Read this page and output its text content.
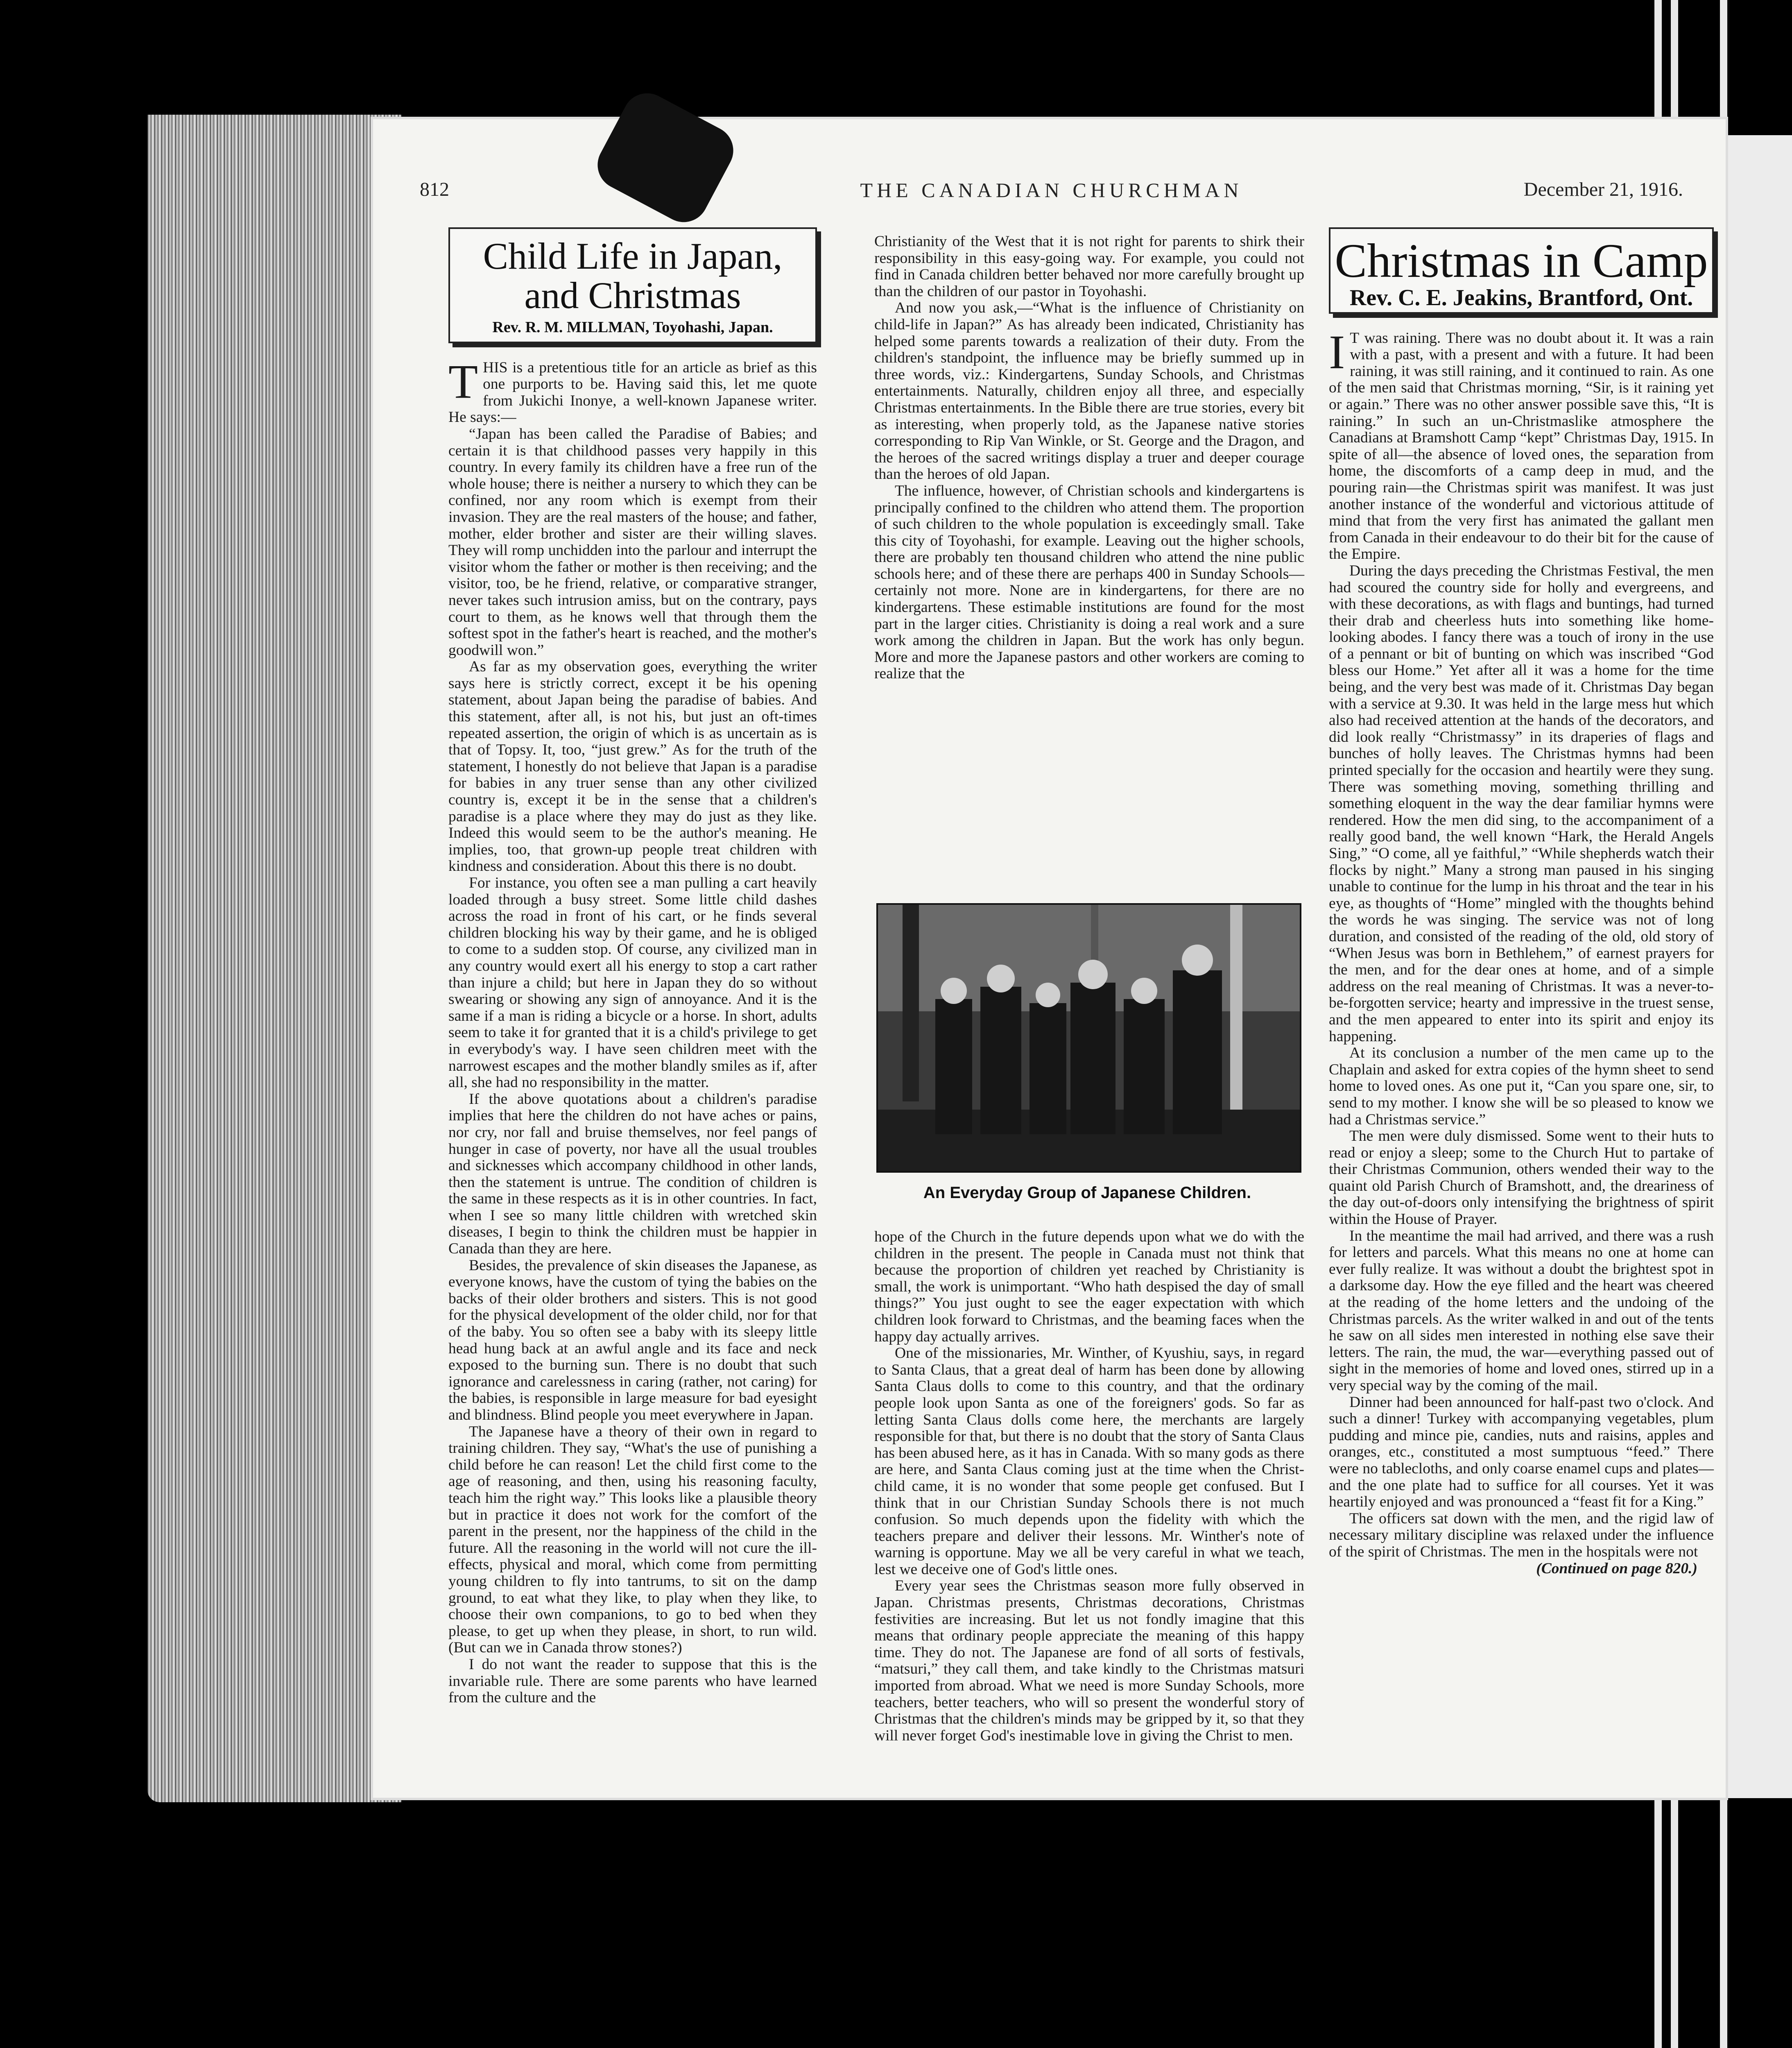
812	THE CANADIAN CHURCHMAN	December 21, 1916.
Child Life in Japan,
and Christmas
Rev. R. M. MILLMAN, Toyohashi, Japan.

THIS is a pretentious title for an article as brief as this one purports to be. Having said this, let me quote from Jukichi Inonye, a well-known Japanese writer. He says:—

“Japan has been called the Paradise of Babies; and certain it is that childhood passes very happily in this country. In every family its children have a free run of the whole house; there is neither a nursery to which they can be confined, nor any room which is exempt from their invasion. They are the real masters of the house; and father, mother, elder brother and sister are their willing slaves. They will romp unchidden into the parlour and interrupt the visitor whom the father or mother is then receiving; and the visitor, too, be he friend, relative, or comparative stranger, never takes such intrusion amiss, but on the contrary, pays court to them, as he knows well that through them the softest spot in the father's heart is reached, and the mother's goodwill won.”

As far as my observation goes, everything the writer says here is strictly correct, except it be his opening statement, about Japan being the paradise of babies. And this statement, after all, is not his, but just an oft-times repeated assertion, the origin of which is as uncertain as is that of Topsy. It, too, “just grew.” As for the truth of the statement, I honestly do not believe that Japan is a paradise for babies in any truer sense than any other civilized country is, except it be in the sense that a children's paradise is a place where they may do just as they like. Indeed this would seem to be the author's meaning. He implies, too, that grown-up people treat children with kindness and consideration. About this there is no doubt.

For instance, you often see a man pulling a cart heavily loaded through a busy street. Some little child dashes across the road in front of his cart, or he finds several children blocking his way by their game, and he is obliged to come to a sudden stop. Of course, any civilized man in any country would exert all his energy to stop a cart rather than injure a child; but here in Japan they do so without swearing or showing any sign of annoyance. And it is the same if a man is riding a bicycle or a horse. In short, adults seem to take it for granted that it is a child's privilege to get in everybody's way. I have seen children meet with the narrowest escapes and the mother blandly smiles as if, after all, she had no responsibility in the matter.

If the above quotations about a children's paradise implies that here the children do not have aches or pains, nor cry, nor fall and bruise themselves, nor feel pangs of hunger in case of poverty, nor have all the usual troubles and sicknesses which accompany childhood in other lands, then the statement is untrue. The condition of children is the same in these respects as it is in other countries. In fact, when I see so many little children with wretched skin diseases, I begin to think the children must be happier in Canada than they are here.

Besides, the prevalence of skin diseases the Japanese, as everyone knows, have the custom of tying the babies on the backs of their older brothers and sisters. This is not good for the physical development of the older child, nor for that of the baby. You so often see a baby with its sleepy little head hung back at an awful angle and its face and neck exposed to the burning sun. There is no doubt that such ignorance and carelessness in caring (rather, not caring) for the babies, is responsible in large measure for bad eyesight and blindness. Blind people you meet everywhere in Japan.

The Japanese have a theory of their own in regard to training children. They say, “What's the use of punishing a child before he can reason! Let the child first come to the age of reasoning, and then, using his reasoning faculty, teach him the right way.” This looks like a plausible theory but in practice it does not work for the comfort of the parent in the present, nor the happiness of the child in the future. All the reasoning in the world will not cure the ill-effects, physical and moral, which come from permitting young children to fly into tantrums, to sit on the damp ground, to eat what they like, to play when they like, to choose their own companions, to go to bed when they please, to get up when they please, in short, to run wild. (But can we in Canada throw stones?)

I do not want the reader to suppose that this is the invariable rule. There are some parents who have learned from the culture and the

Christianity of the West that it is not right for parents to shirk their responsibility in this easy-going way. For example, you could not find in Canada children better behaved nor more carefully brought up than the children of our pastor in Toyohashi.

And now you ask,—“What is the influence of Christianity on child-life in Japan?” As has already been indicated, Christianity has helped some parents towards a realization of their duty. From the children's standpoint, the influence may be briefly summed up in three words, viz.: Kindergartens, Sunday Schools, and Christmas entertainments. Naturally, children enjoy all three, and especially Christmas entertainments. In the Bible there are true stories, every bit as interesting, when properly told, as the Japanese native stories corresponding to Rip Van Winkle, or St. George and the Dragon, and the heroes of the sacred writings display a truer and deeper courage than the heroes of old Japan.

The influence, however, of Christian schools and kindergartens is principally confined to the children who attend them. The proportion of such children to the whole population is exceedingly small. Take this city of Toyohashi, for example. Leaving out the higher schools, there are probably ten thousand children who attend the nine public schools here; and of these there are perhaps 400 in Sunday Schools—certainly not more. None are in kindergartens, for there are no kindergartens. These estimable institutions are found for the most part in the larger cities. Christianity is doing a real work and a sure work among the children in Japan. But the work has only begun. More and more the Japanese pastors and other workers are coming to realize that the

An Everyday Group of Japanese Children.

hope of the Church in the future depends upon what we do with the children in the present. The people in Canada must not think that because the proportion of children yet reached by Christianity is small, the work is unimportant. “Who hath despised the day of small things?” You just ought to see the eager expectation with which children look forward to Christmas, and the beaming faces when the happy day actually arrives.

One of the missionaries, Mr. Winther, of Kyushiu, says, in regard to Santa Claus, that a great deal of harm has been done by allowing Santa Claus dolls to come to this country, and that the ordinary people look upon Santa as one of the foreigners' gods. So far as letting Santa Claus dolls come here, the merchants are largely responsible for that, but there is no doubt that the story of Santa Claus has been abused here, as it has in Canada. With so many gods as there are here, and Santa Claus coming just at the time when the Christ-child came, it is no wonder that some people get confused. But I think that in our Christian Sunday Schools there is not much confusion. So much depends upon the fidelity with which the teachers prepare and deliver their lessons. Mr. Winther's note of warning is opportune. May we all be very careful in what we teach, lest we deceive one of God's little ones.

Every year sees the Christmas season more fully observed in Japan. Christmas presents, Christmas decorations, Christmas festivities are increasing. But let us not fondly imagine that this means that ordinary people appreciate the meaning of this happy time. They do not. The Japanese are fond of all sorts of festivals, “matsuri,” they call them, and take kindly to the Christmas matsuri imported from abroad. What we need is more Sunday Schools, more teachers, better teachers, who will so present the wonderful story of Christmas that the children's minds may be gripped by it, so that they will never forget God's inestimable love in giving the Christ to men.

Christmas in Camp
Rev. C. E. Jeakins, Brantford, Ont.

I T was raining. There was no doubt about it. It was a rain with a past, with a present and with a future. It had been raining, it was still raining, and it continued to rain. As one of the men said that Christmas morning, “Sir, is it raining yet or again.” There was no other answer possible save this, “It is raining.” In such an un-Christmaslike atmosphere the Canadians at Bramshott Camp “kept” Christmas Day, 1915. In spite of all—the absence of loved ones, the separation from home, the discomforts of a camp deep in mud, and the pouring rain—the Christmas spirit was manifest. It was just another instance of the wonderful and victorious attitude of mind that from the very first has animated the gallant men from Canada in their endeavour to do their bit for the cause of the Empire.

During the days preceding the Christmas Festival, the men had scoured the country side for holly and evergreens, and with these decorations, as with flags and buntings, had turned their drab and cheerless huts into something like home-looking abodes. I fancy there was a touch of irony in the use of a pennant or bit of bunting on which was inscribed “God bless our Home.” Yet after all it was a home for the time being, and the very best was made of it. Christmas Day began with a service at 9.30. It was held in the large mess hut which also had received attention at the hands of the decorators, and did look really “Christmassy” in its draperies of flags and bunches of holly leaves. The Christmas hymns had been printed specially for the occasion and heartily were they sung. There was something moving, something thrilling and something eloquent in the way the dear familiar hymns were rendered. How the men did sing, to the accompaniment of a really good band, the well known “Hark, the Herald Angels Sing,” “O come, all ye faithful,” “While shepherds watch their flocks by night.” Many a strong man paused in his singing unable to continue for the lump in his throat and the tear in his eye, as thoughts of “Home” mingled with the thoughts behind the words he was singing. The service was not of long duration, and consisted of the reading of the old, old story of “When Jesus was born in Bethlehem,” of earnest prayers for the men, and for the dear ones at home, and of a simple address on the real meaning of Christmas. It was a never-to-be-forgotten service; hearty and impressive in the truest sense, and the men appeared to enter into its spirit and enjoy its happening.

At its conclusion a number of the men came up to the Chaplain and asked for extra copies of the hymn sheet to send home to loved ones. As one put it, “Can you spare one, sir, to send to my mother. I know she will be so pleased to know we had a Christmas service.”

The men were duly dismissed. Some went to their huts to read or enjoy a sleep; some to the Church Hut to partake of their Christmas Communion, others wended their way to the quaint old Parish Church of Bramshott, and, the dreariness of the day out-of-doors only intensifying the brightness of spirit within the House of Prayer.

In the meantime the mail had arrived, and there was a rush for letters and parcels. What this means no one at home can ever fully realize. It was without a doubt the brightest spot in a darksome day. How the eye filled and the heart was cheered at the reading of the home letters and the undoing of the Christmas parcels. As the writer walked in and out of the tents he saw on all sides men interested in nothing else save their letters. The rain, the mud, the war—everything passed out of sight in the memories of home and loved ones, stirred up in a very special way by the coming of the mail.

Dinner had been announced for half-past two o'clock. And such a dinner! Turkey with accompanying vegetables, plum pudding and mince pie, candies, nuts and raisins, apples and oranges, etc., constituted a most sumptuous “feed.” There were no tablecloths, and only coarse enamel cups and plates—and the one plate had to suffice for all courses. Yet it was heartily enjoyed and was pronounced a “feast fit for a King.”

The officers sat down with the men, and the rigid law of necessary military discipline was relaxed under the influence of the spirit of Christmas. The men in the hospitals were not

(Continued on page 820.)
